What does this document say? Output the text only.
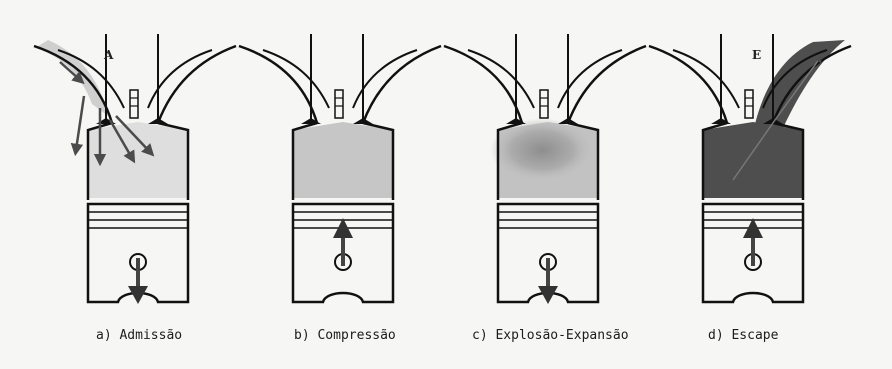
a) Admissão	b) Compressão	c) Explosão-Expansão	d) Escape
A	E
